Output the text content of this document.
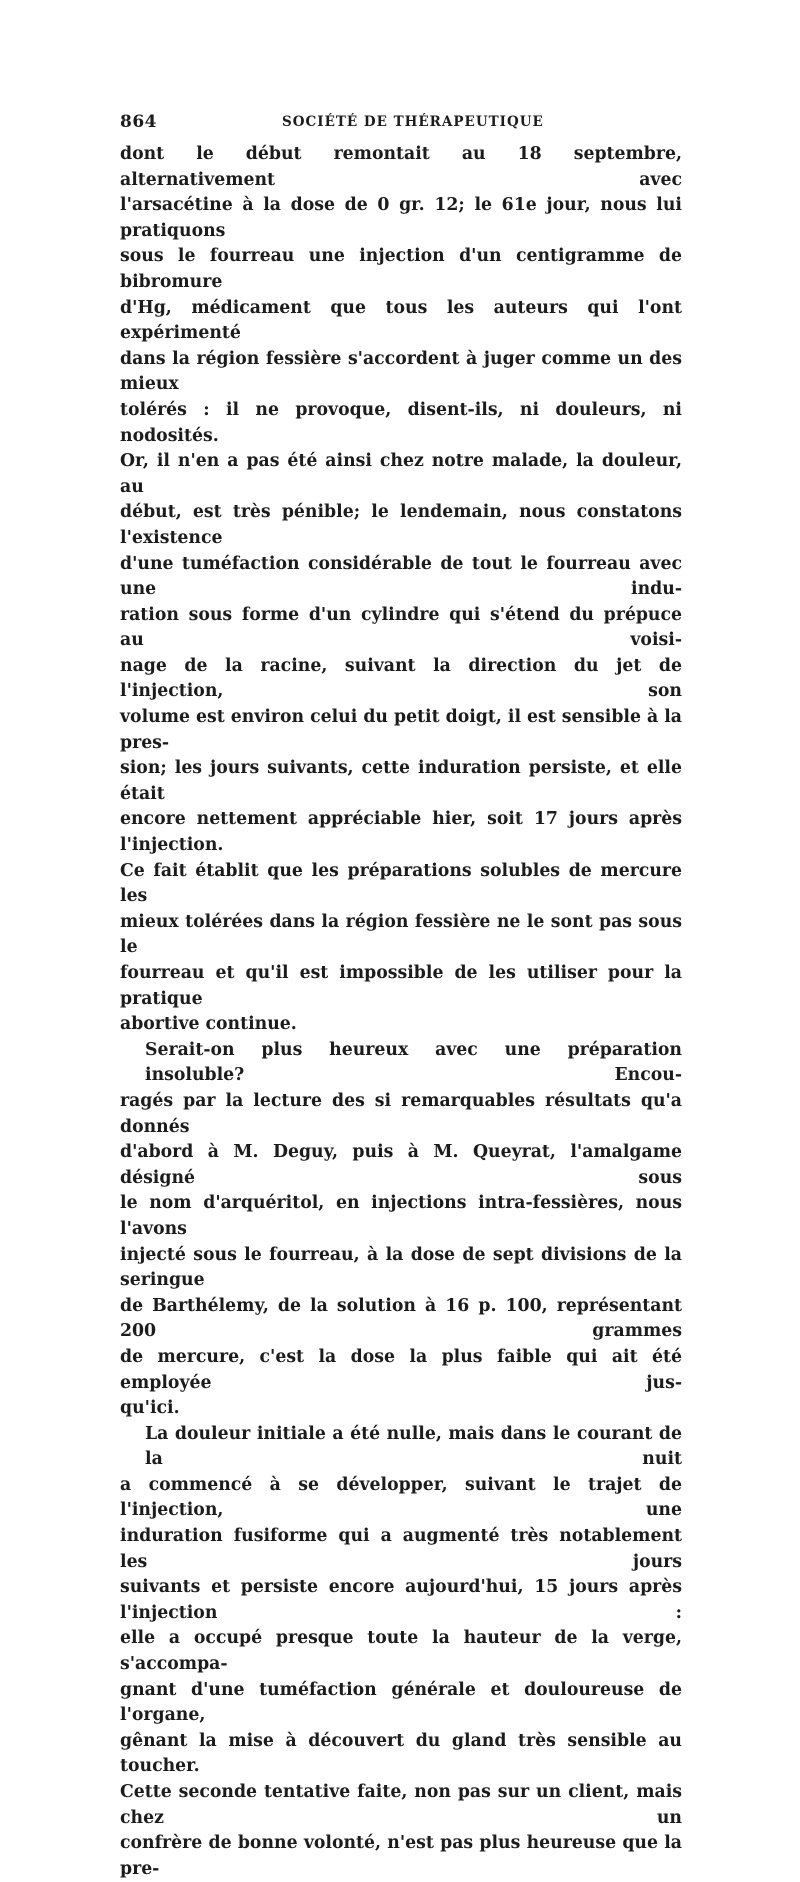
864	SOCIÉTÉ DE THÉRAPEUTIQUE
dont le début remontait au 18 septembre, alternativement avec
l'arsacétine à la dose de 0 gr. 12; le 61e jour, nous lui pratiquons
sous le fourreau une injection d'un centigramme de bibromure
d'Hg, médicament que tous les auteurs qui l'ont expérimenté
dans la région fessière s'accordent à juger comme un des mieux
tolérés : il ne provoque, disent-ils, ni douleurs, ni nodosités.
Or, il n'en a pas été ainsi chez notre malade, la douleur, au
début, est très pénible; le lendemain, nous constatons l'existence
d'une tuméfaction considérable de tout le fourreau avec une indu-
ration sous forme d'un cylindre qui s'étend du prépuce au voisi-
nage de la racine, suivant la direction du jet de l'injection, son
volume est environ celui du petit doigt, il est sensible à la pres-
sion; les jours suivants, cette induration persiste, et elle était
encore nettement appréciable hier, soit 17 jours après l'injection.
Ce fait établit que les préparations solubles de mercure les
mieux tolérées dans la région fessière ne le sont pas sous le
fourreau et qu'il est impossible de les utiliser pour la pratique
abortive continue.
Serait-on plus heureux avec une préparation insoluble? Encou-
ragés par la lecture des si remarquables résultats qu'a donnés
d'abord à M. Deguy, puis à M. Queyrat, l'amalgame désigné sous
le nom d'arquéritol, en injections intra-fessières, nous l'avons
injecté sous le fourreau, à la dose de sept divisions de la seringue
de Barthélemy, de la solution à 16 p. 100, représentant 200 grammes
de mercure, c'est la dose la plus faible qui ait été employée jus-
qu'ici.
La douleur initiale a été nulle, mais dans le courant de la nuit
a commencé à se développer, suivant le trajet de l'injection, une
induration fusiforme qui a augmenté très notablement les jours
suivants et persiste encore aujourd'hui, 15 jours après l'injection :
elle a occupé presque toute la hauteur de la verge, s'accompa-
gnant d'une tuméfaction générale et douloureuse de l'organe,
gênant la mise à découvert du gland très sensible au toucher.
Cette seconde tentative faite, non pas sur un client, mais chez un
confrère de bonne volonté, n'est pas plus heureuse que la pre-
